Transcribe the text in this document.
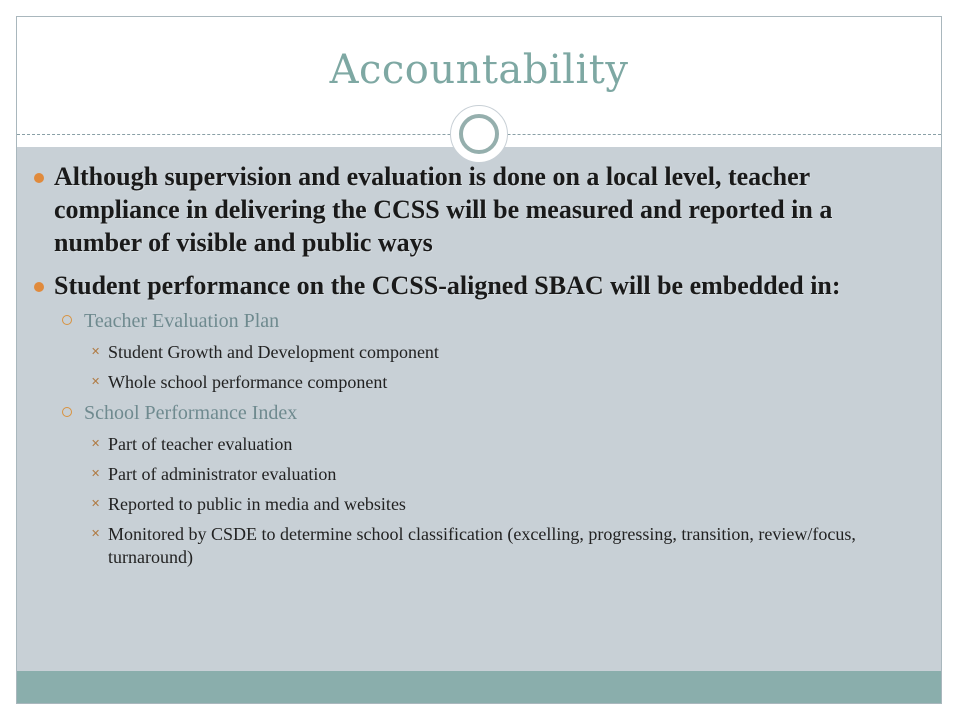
Accountability
Although supervision and evaluation is done on a local level, teacher compliance in delivering the CCSS will be measured and reported in a number of visible and public ways
Student performance on the CCSS-aligned SBAC will be embedded in:
Teacher Evaluation Plan
✕ Student Growth and Development component
✕ Whole school performance component
School Performance Index
✕ Part of teacher evaluation
✕ Part of administrator evaluation
✕ Reported to public in media and websites
✕ Monitored by CSDE to determine school classification (excelling, progressing, transition, review/focus, turnaround)
